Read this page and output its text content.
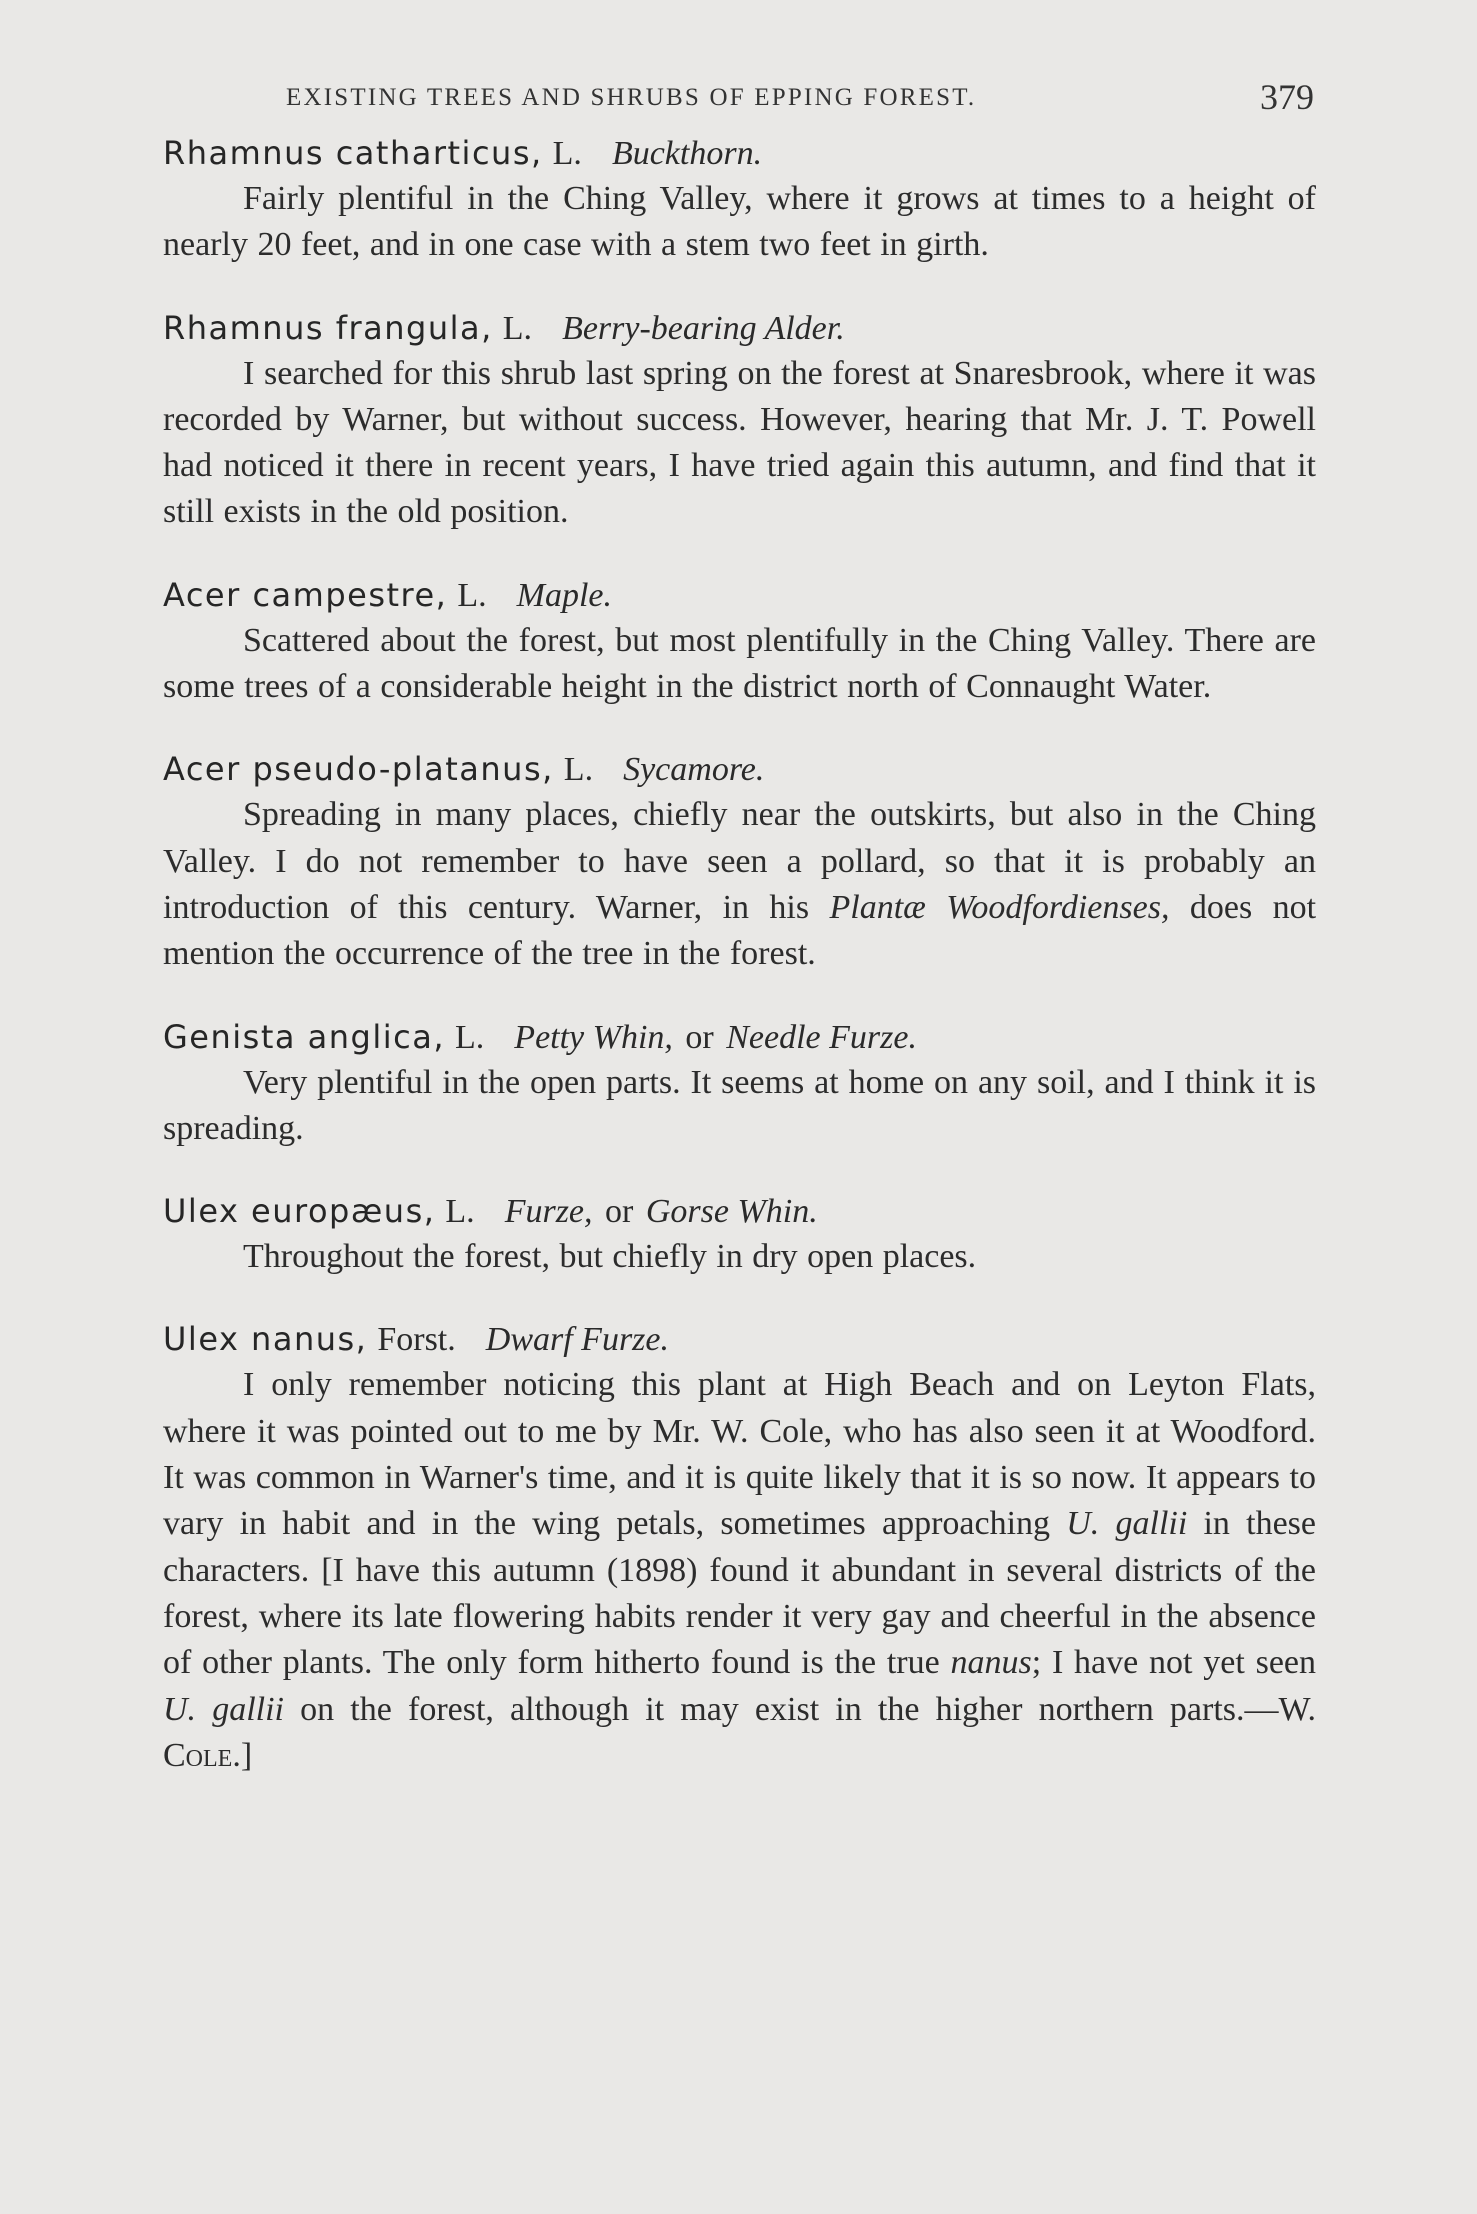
EXISTING TREES AND SHRUBS OF EPPING FOREST.	379
Rhamnus catharticus, L. Buckthorn.

Fairly plentiful in the Ching Valley, where it grows at times to a height of nearly 20 feet, and in one case with a stem two feet in girth.

Rhamnus frangula, L. Berry-bearing Alder.

I searched for this shrub last spring on the forest at Snaresbrook, where it was recorded by Warner, but without success. However, hearing that Mr. J. T. Powell had noticed it there in recent years, I have tried again this autumn, and find that it still exists in the old position.

Acer campestre, L. Maple.

Scattered about the forest, but most plentifully in the Ching Valley. There are some trees of a considerable height in the district north of Connaught Water.

Acer pseudo-platanus, L. Sycamore.

Spreading in many places, chiefly near the outskirts, but also in the Ching Valley. I do not remember to have seen a pollard, so that it is probably an introduction of this century. Warner, in his Plantæ Woodfordienses, does not mention the occurrence of the tree in the forest.

Genista anglica, L. Petty Whin, or Needle Furze.

Very plentiful in the open parts. It seems at home on any soil, and I think it is spreading.

Ulex europæus, L. Furze, or Gorse Whin.

Throughout the forest, but chiefly in dry open places.

Ulex nanus, Forst. Dwarf Furze.

I only remember noticing this plant at High Beach and on Leyton Flats, where it was pointed out to me by Mr. W. Cole, who has also seen it at Woodford. It was common in Warner's time, and it is quite likely that it is so now. It appears to vary in habit and in the wing petals, sometimes approaching U. gallii in these characters. [I have this autumn (1898) found it abundant in several districts of the forest, where its late flowering habits render it very gay and cheerful in the absence of other plants. The only form hitherto found is the true nanus; I have not yet seen U. gallii on the forest, although it may exist in the higher northern parts.—W. Cole.]
